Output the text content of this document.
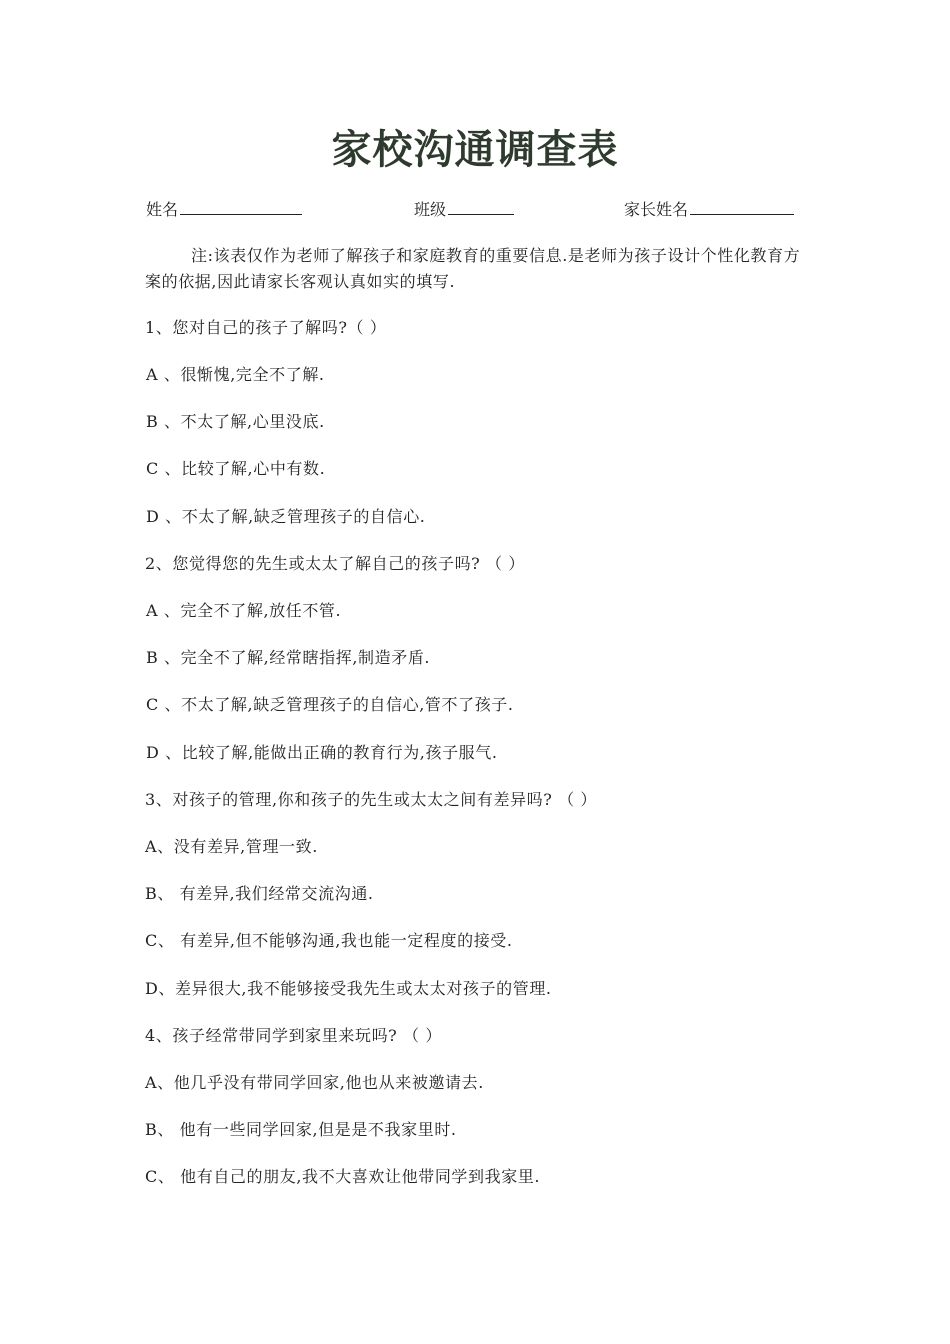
家校沟通调查表
姓名	班级	家长姓名
注:该表仅作为老师了解孩子和家庭教育的重要信息.是老师为孩子设计个性化教育方案的依据,因此请家长客观认真如实的填写.
1、您对自己的孩子了解吗?（ ）
A 、很惭愧,完全不了解.
B 、不太了解,心里没底.
C 、比较了解,心中有数.
D 、不太了解,缺乏管理孩子的自信心.
2、您觉得您的先生或太太了解自己的孩子吗? （ ）
A 、完全不了解,放任不管.
B 、完全不了解,经常瞎指挥,制造矛盾.
C 、不太了解,缺乏管理孩子的自信心,管不了孩子.
D 、比较了解,能做出正确的教育行为,孩子服气.
3、对孩子的管理,你和孩子的先生或太太之间有差异吗? （ ）
A、没有差异,管理一致.
B、 有差异,我们经常交流沟通.
C、 有差异,但不能够沟通,我也能一定程度的接受.
D、差异很大,我不能够接受我先生或太太对孩子的管理.
4、孩子经常带同学到家里来玩吗? （ ）
A、他几乎没有带同学回家,他也从来被邀请去.
B、 他有一些同学回家,但是是不我家里时.
C、 他有自己的朋友,我不大喜欢让他带同学到我家里.
